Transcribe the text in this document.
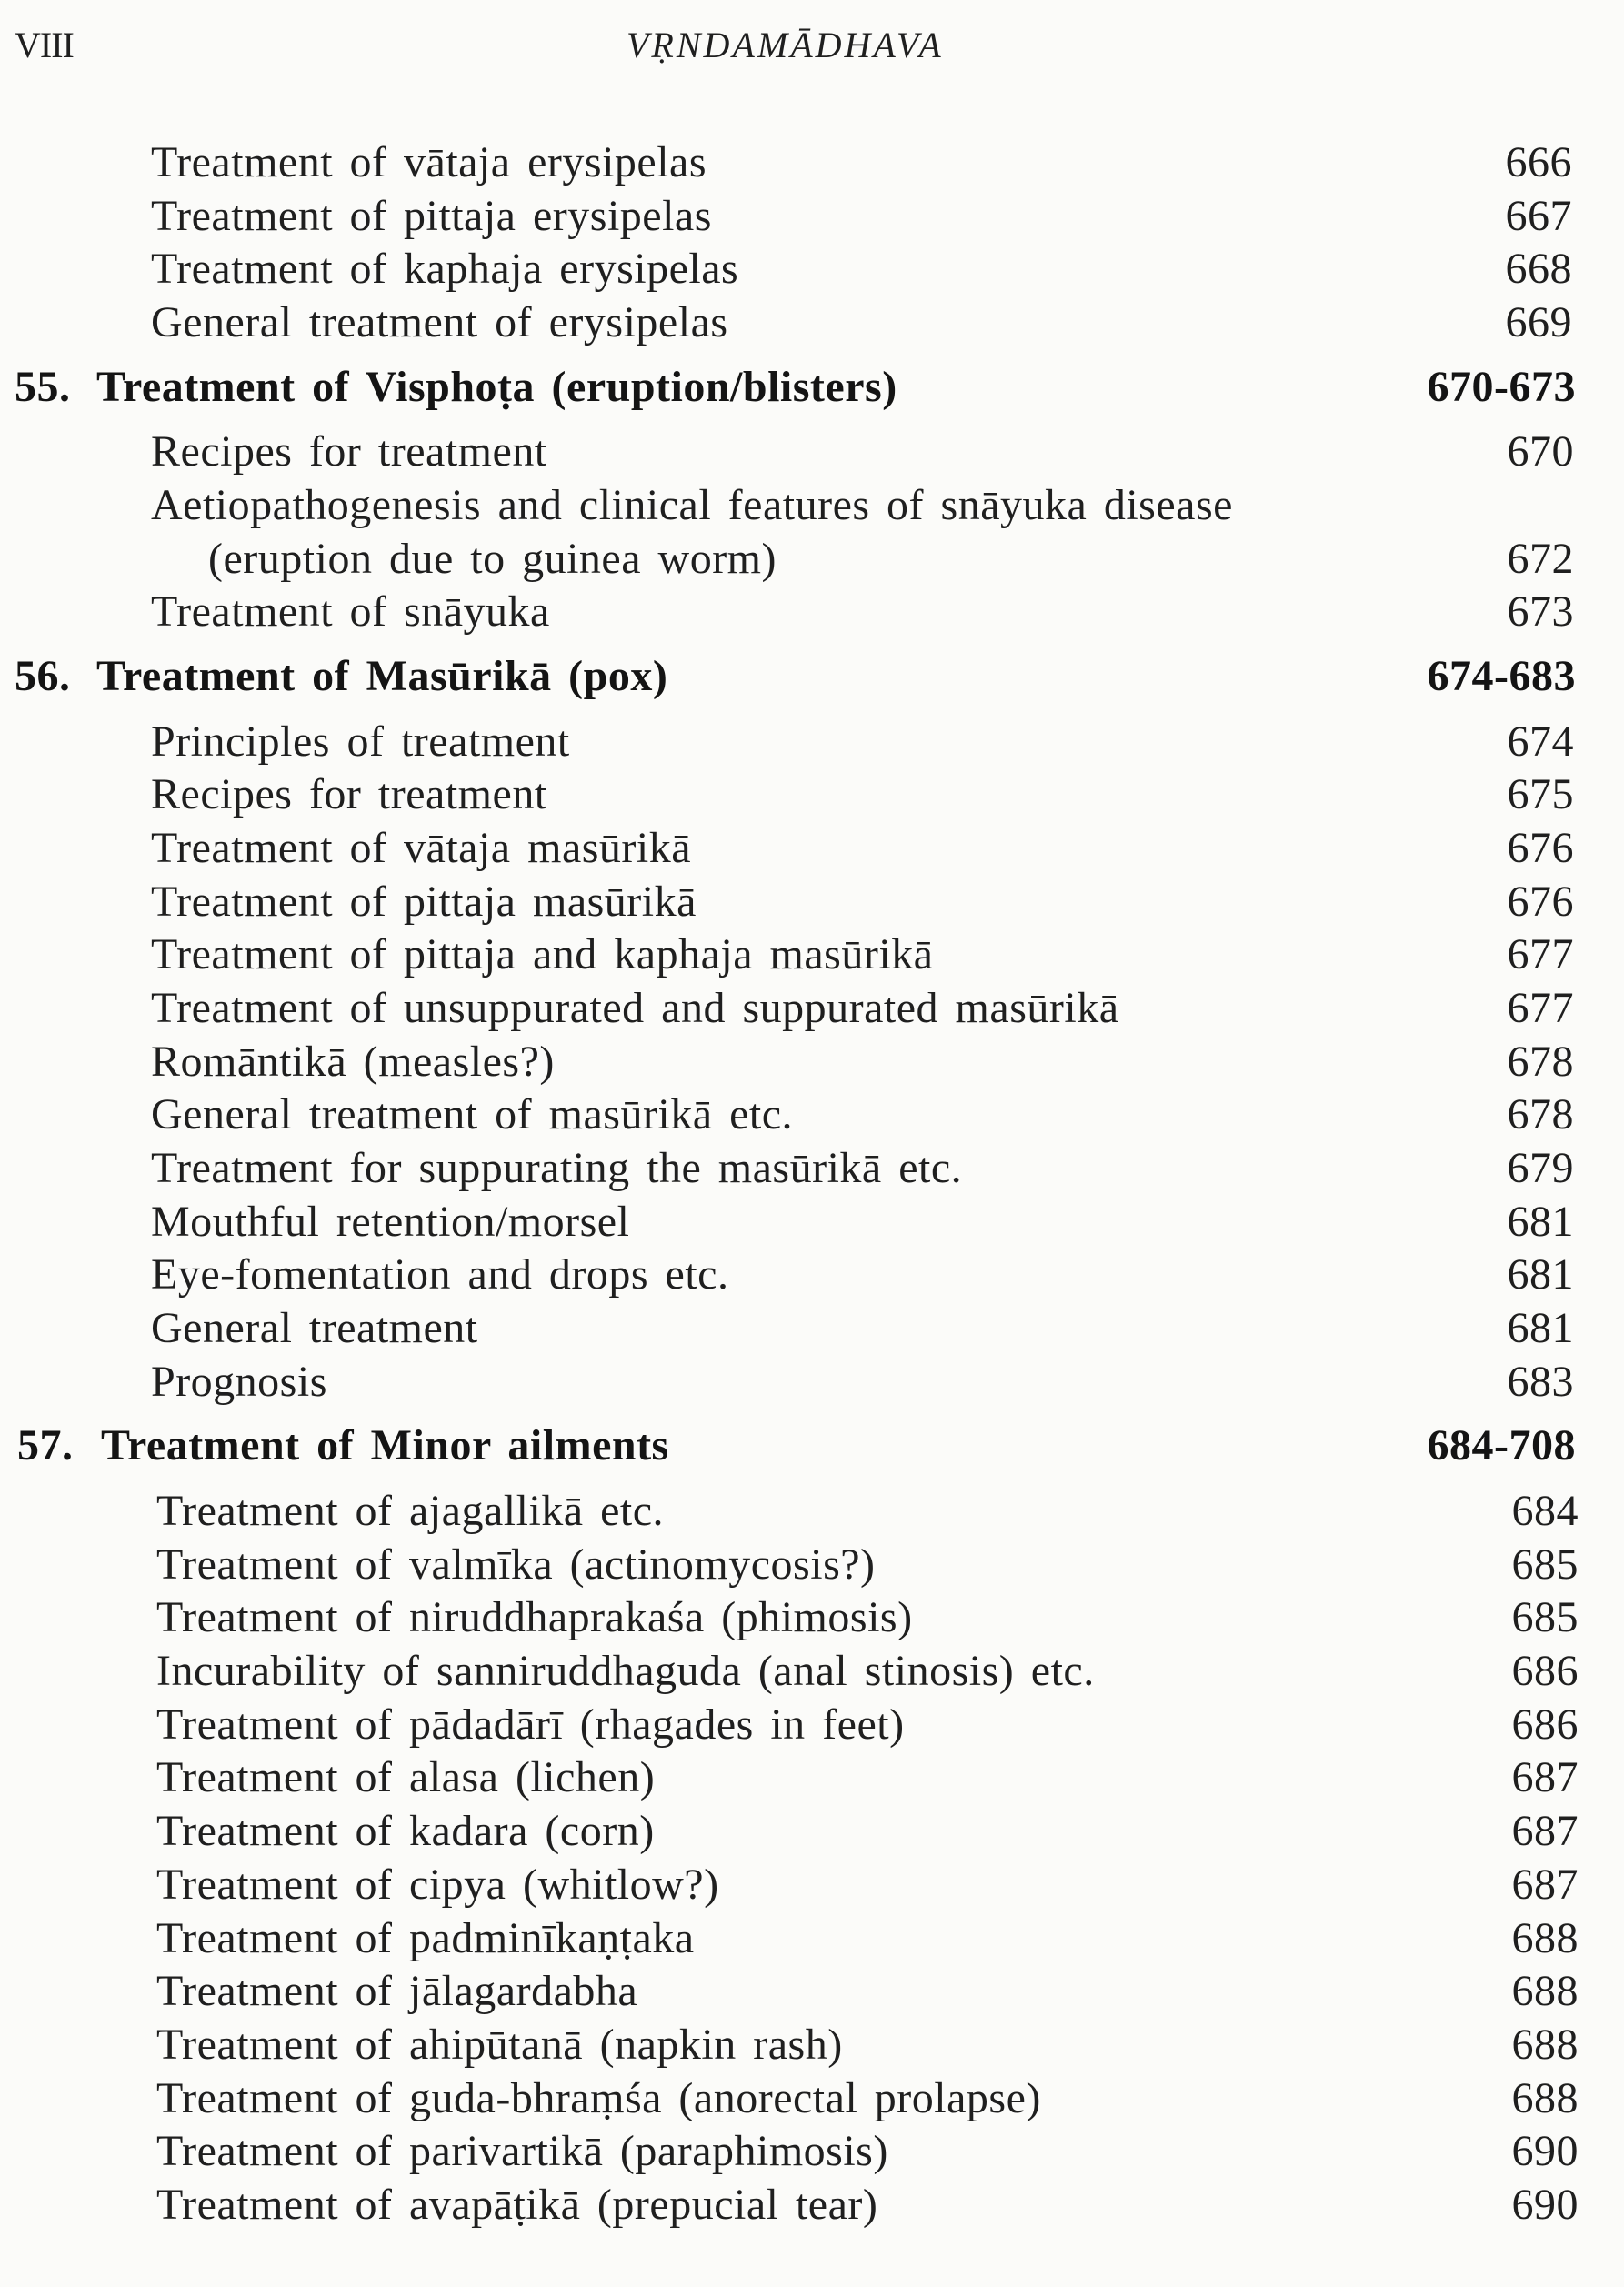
VIII	VṚNDAMĀDHAVA
Treatment of vātaja erysipelas	666
Treatment of pittaja erysipelas	667
Treatment of kaphaja erysipelas	668
General treatment of erysipelas	669
55. Treatment of Visphoṭa (eruption/blisters)	670-673
Recipes for treatment	670
Aetiopathogenesis and clinical features of snāyuka disease
(eruption due to guinea worm)	672
Treatment of snāyuka	673
56. Treatment of Masūrikā (pox)	674-683
Principles of treatment	674
Recipes for treatment	675
Treatment of vātaja masūrikā	676
Treatment of pittaja masūrikā	676
Treatment of pittaja and kaphaja masūrikā	677
Treatment of unsuppurated and suppurated masūrikā	677
Romāntikā (measles?)	678
General treatment of masūrikā etc.	678
Treatment for suppurating the masūrikā etc.	679
Mouthful retention/morsel	681
Eye-fomentation and drops etc.	681
General treatment	681
Prognosis	683
57. Treatment of Minor ailments	684-708
Treatment of ajagallikā etc.	684
Treatment of valmīka (actinomycosis?)	685
Treatment of niruddhaprakaśa (phimosis)	685
Incurability of sanniruddhaguda (anal stinosis) etc.	686
Treatment of pādadārī (rhagades in feet)	686
Treatment of alasa (lichen)	687
Treatment of kadara (corn)	687
Treatment of cipya (whitlow?)	687
Treatment of padminīkaṇṭaka	688
Treatment of jālagardabha	688
Treatment of ahipūtanā (napkin rash)	688
Treatment of guda-bhraṃśa (anorectal prolapse)	688
Treatment of parivartikā (paraphimosis)	690
Treatment of avapāṭikā (prepucial tear)	690
